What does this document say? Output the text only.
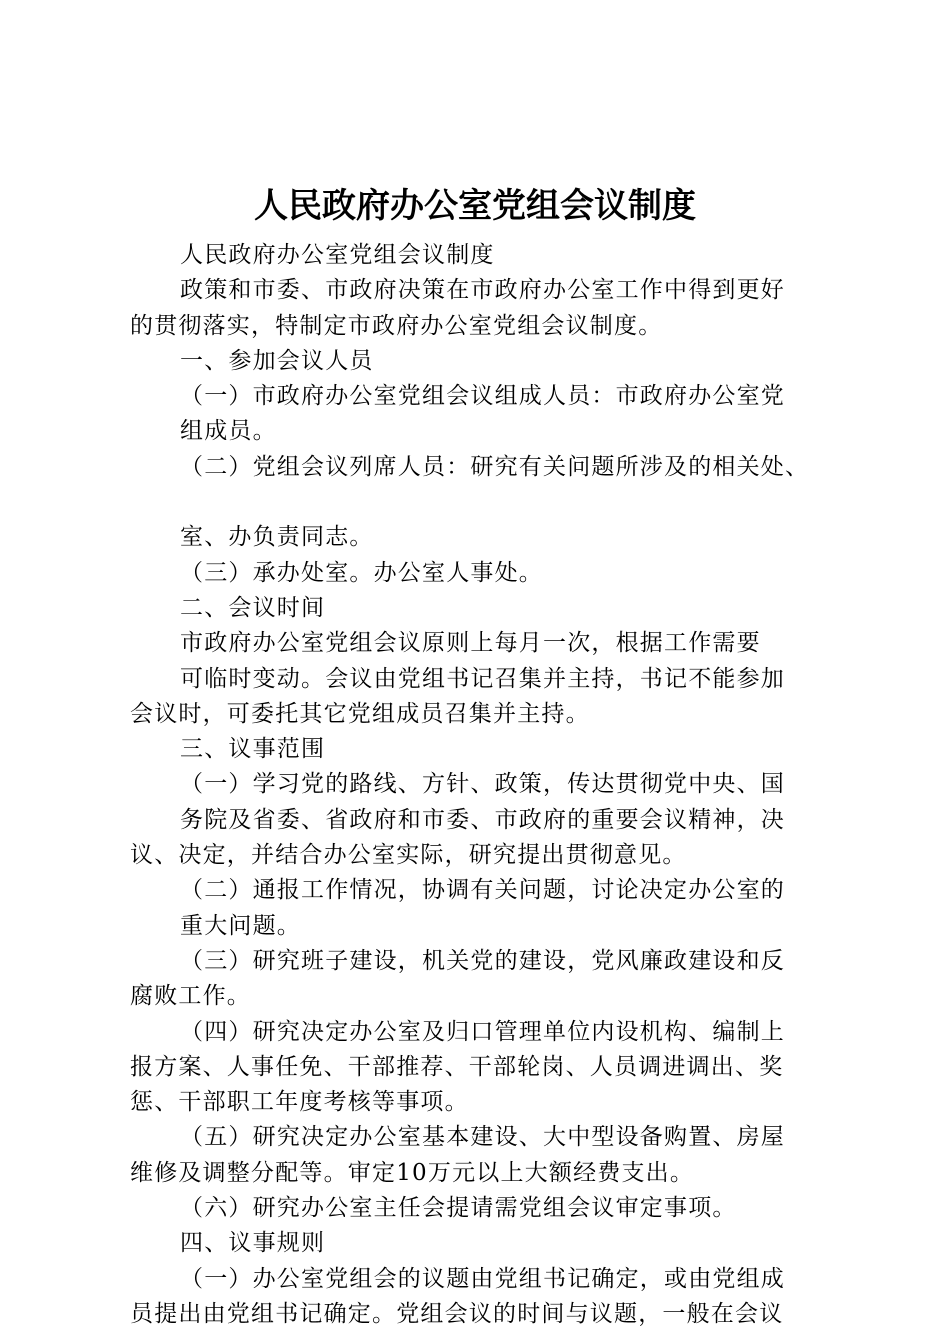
人民政府办公室党组会议制度
人民政府办公室党组会议制度
政策和市委、市政府决策在市政府办公室工作中得到更好
的贯彻落实，特制定市政府办公室党组会议制度。
一、参加会议人员
（一）市政府办公室党组会议组成人员：市政府办公室党
组成员。
（二）党组会议列席人员：研究有关问题所涉及的相关处、
室、办负责同志。
（三）承办处室。办公室人事处。
二、会议时间
市政府办公室党组会议原则上每月一次，根据工作需要
可临时变动。会议由党组书记召集并主持，书记不能参加
会议时，可委托其它党组成员召集并主持。
三、议事范围
（一）学习党的路线、方针、政策，传达贯彻党中央、国
务院及省委、省政府和市委、市政府的重要会议精神，决
议、决定，并结合办公室实际，研究提出贯彻意见。
（二）通报工作情况，协调有关问题，讨论决定办公室的
重大问题。
（三）研究班子建设，机关党的建设，党风廉政建设和反
腐败工作。
（四）研究决定办公室及归口管理单位内设机构、编制上
报方案、人事任免、干部推荐、干部轮岗、人员调进调出、奖
惩、干部职工年度考核等事项。
（五）研究决定办公室基本建设、大中型设备购置、房屋
维修及调整分配等。审定10万元以上大额经费支出。
（六）研究办公室主任会提请需党组会议审定事项。
四、议事规则
（一）办公室党组会的议题由党组书记确定，或由党组成
员提出由党组书记确定。党组会议的时间与议题，一般在会议
